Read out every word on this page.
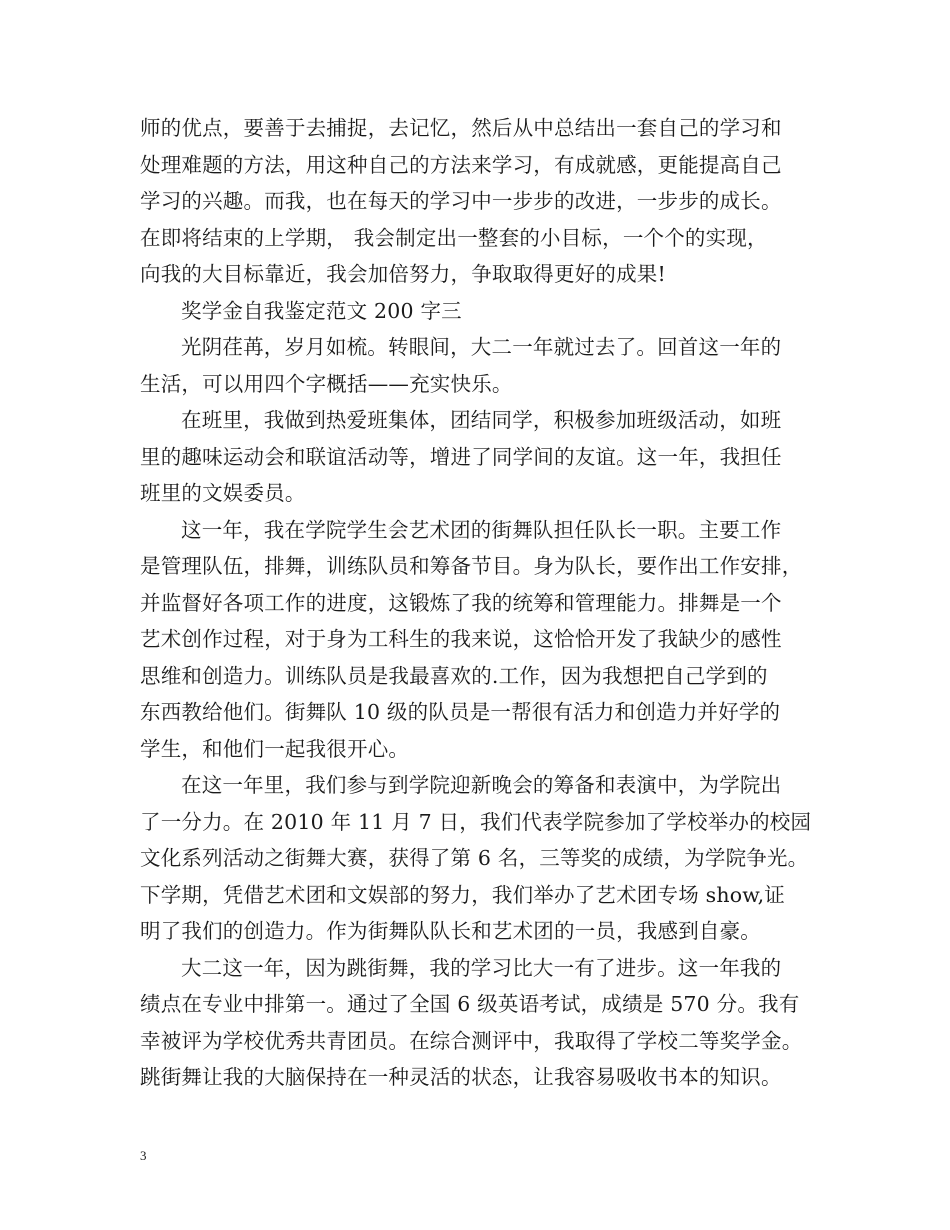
师的优点，要善于去捕捉，去记忆，然后从中总结出一套自己的学习和
处理难题的方法，用这种自己的方法来学习，有成就感，更能提高自己
学习的兴趣。而我，也在每天的学习中一步步的改进，一步步的成长。
在即将结束的上学期， 我会制定出一整套的小目标，一个个的实现，
向我的大目标靠近，我会加倍努力，争取取得更好的成果!
奖学金自我鉴定范文 200 字三
光阴荏苒，岁月如梳。转眼间，大二一年就过去了。回首这一年的
生活，可以用四个字概括——充实快乐。
在班里，我做到热爱班集体，团结同学，积极参加班级活动，如班
里的趣味运动会和联谊活动等，增进了同学间的友谊。这一年，我担任
班里的文娱委员。
这一年，我在学院学生会艺术团的街舞队担任队长一职。主要工作
是管理队伍，排舞，训练队员和筹备节目。身为队长，要作出工作安排，
并监督好各项工作的进度，这锻炼了我的统筹和管理能力。排舞是一个
艺术创作过程，对于身为工科生的我来说，这恰恰开发了我缺少的感性
思维和创造力。训练队员是我最喜欢的.工作，因为我想把自己学到的
东西教给他们。街舞队 10 级的队员是一帮很有活力和创造力并好学的
学生，和他们一起我很开心。
在这一年里，我们参与到学院迎新晚会的筹备和表演中，为学院出
了一分力。在 2010 年 11 月 7 日，我们代表学院参加了学校举办的校园
文化系列活动之街舞大赛，获得了第 6 名，三等奖的成绩，为学院争光。
下学期，凭借艺术团和文娱部的努力，我们举办了艺术团专场 show,证
明了我们的创造力。作为街舞队队长和艺术团的一员，我感到自豪。
大二这一年，因为跳街舞，我的学习比大一有了进步。这一年我的
绩点在专业中排第一。通过了全国 6 级英语考试，成绩是 570 分。我有
幸被评为学校优秀共青团员。在综合测评中，我取得了学校二等奖学金。
跳街舞让我的大脑保持在一种灵活的状态，让我容易吸收书本的知识。
3
